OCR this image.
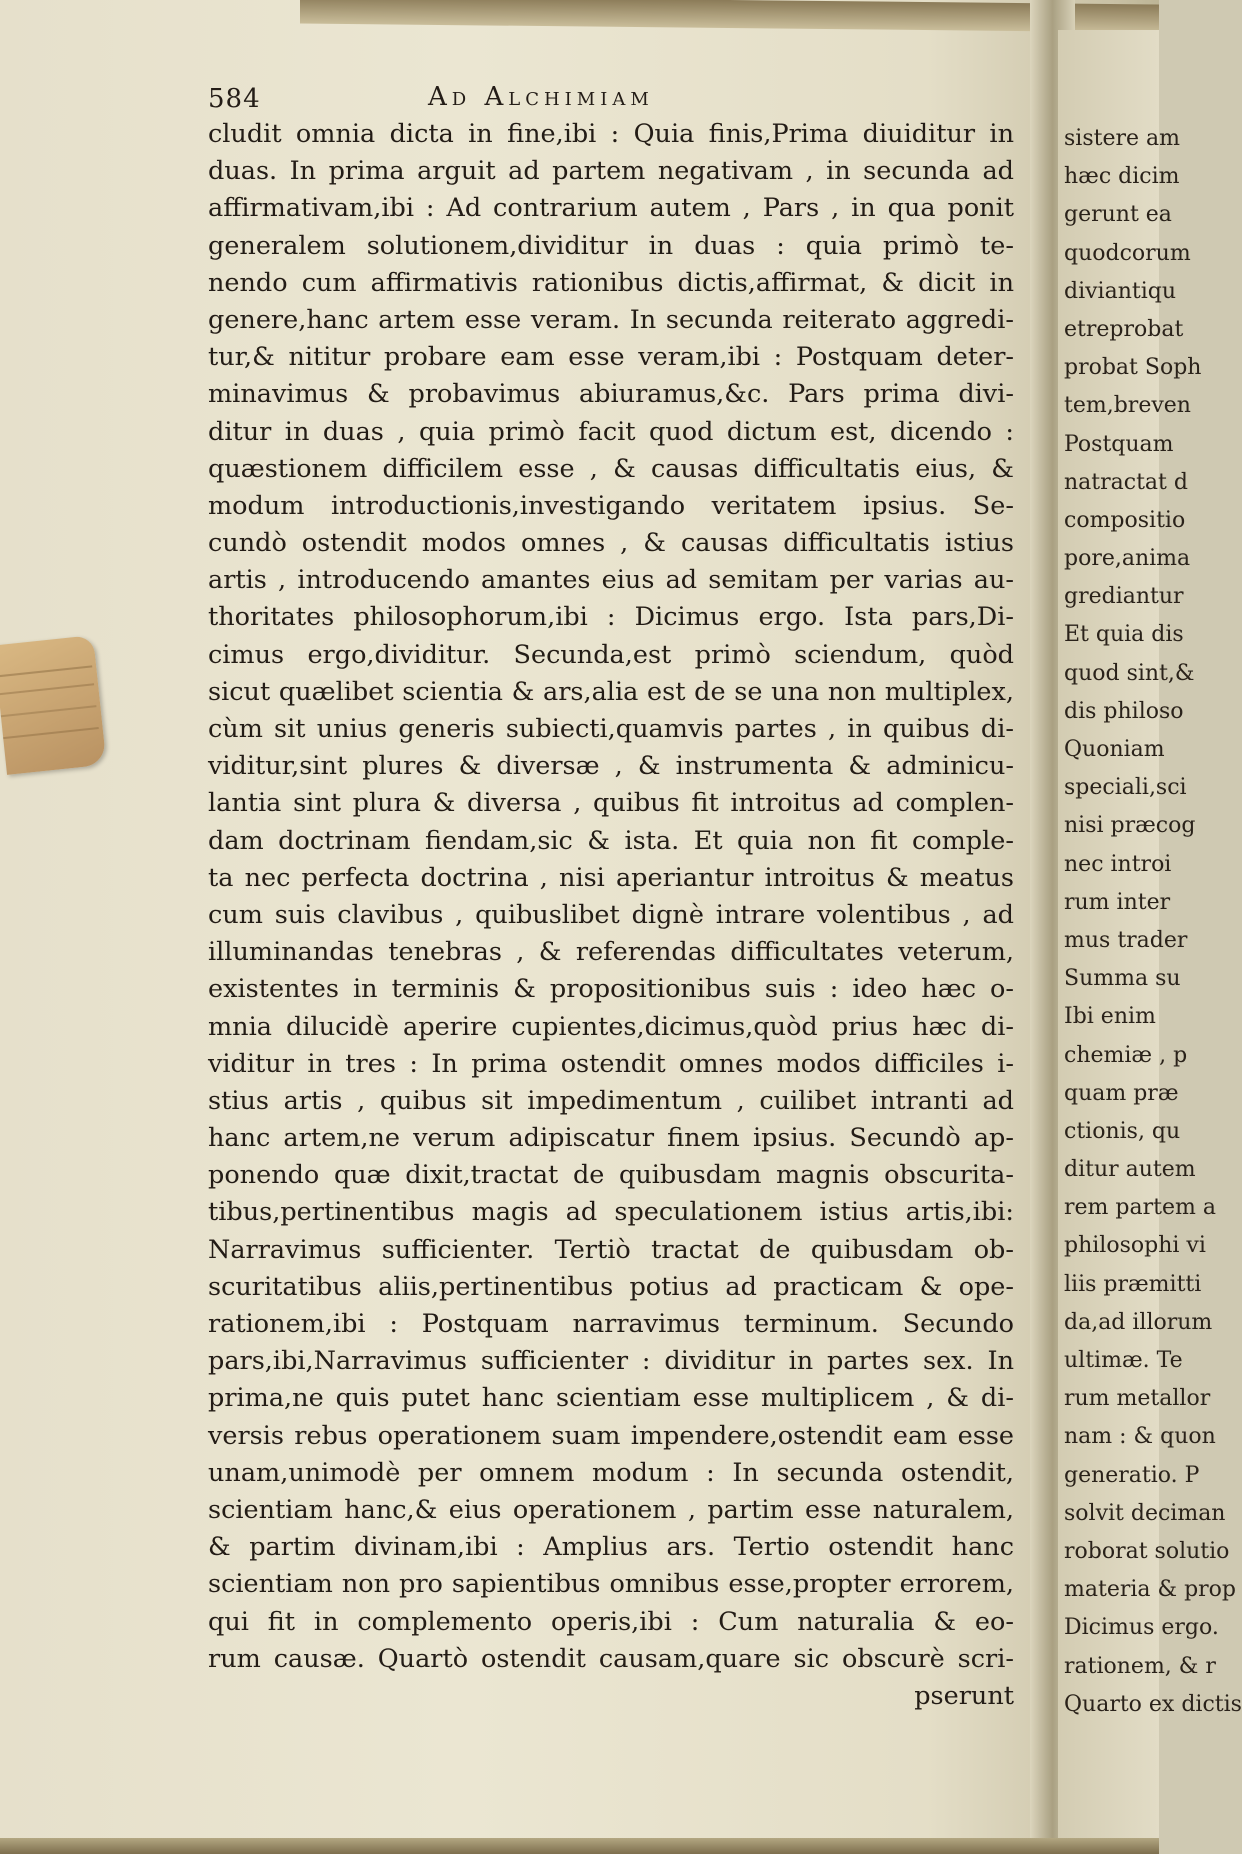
sistere am
hæc dicim
gerunt ea
quodcorum
diviantiqu
etreprobat
probat Soph
tem,breven
Postquam
natractat d
compositio
pore,anima
grediantur
Et quia dis
quod sint,&
dis philoso
Quoniam
speciali,sci
nisi præcog
nec introi
rum inter
mus trader
Summa su
Ibi enim
chemiæ , p
quam præ
ctionis, qu
ditur autem
rem partem a
philosophi vi
liis præmitti
da,ad illorum
ultimæ. Te
rum metallor
nam : & quon
generatio. P
solvit deciman
roborat solutio
materia & prop
Dicimus ergo.
rationem, & r
Quarto ex dictis
584	Ad Alchimiam
cludit omnia dicta in fine,ibi : Quia finis,Prima diuiditur in
duas. In prima arguit ad partem negativam , in secunda ad
affirmativam,ibi : Ad contrarium autem , Pars , in qua ponit
generalem solutionem,dividitur in duas : quia primò te-
nendo cum affirmativis rationibus dictis,affirmat, & dicit in
genere,hanc artem esse veram. In secunda reiterato aggredi-
tur,& nititur probare eam esse veram,ibi : Postquam deter-
minavimus & probavimus abiuramus,&c. Pars prima divi-
ditur in duas , quia primò facit quod dictum est, dicendo :
quæstionem difficilem esse , & causas difficultatis eius, &
modum introductionis,investigando veritatem ipsius. Se-
cundò ostendit modos omnes , & causas difficultatis istius
artis , introducendo amantes eius ad semitam per varias au-
thoritates philosophorum,ibi : Dicimus ergo. Ista pars,Di-
cimus ergo,dividitur. Secunda,est primò sciendum, quòd
sicut quælibet scientia & ars,alia est de se una non multiplex,
cùm sit unius generis subiecti,quamvis partes , in quibus di-
viditur,sint plures & diversæ , & instrumenta & adminicu-
lantia sint plura & diversa , quibus fit introitus ad complen-
dam doctrinam fiendam,sic & ista. Et quia non fit comple-
ta nec perfecta doctrina , nisi aperiantur introitus & meatus
cum suis clavibus , quibuslibet dignè intrare volentibus , ad
illuminandas tenebras , & referendas difficultates veterum,
existentes in terminis & propositionibus suis : ideo hæc o-
mnia dilucidè aperire cupientes,dicimus,quòd prius hæc di-
viditur in tres : In prima ostendit omnes modos difficiles i-
stius artis , quibus sit impedimentum , cuilibet intranti ad
hanc artem,ne verum adipiscatur finem ipsius. Secundò ap-
ponendo quæ dixit,tractat de quibusdam magnis obscurita-
tibus,pertinentibus magis ad speculationem istius artis,ibi:
Narravimus sufficienter. Tertiò tractat de quibusdam ob-
scuritatibus aliis,pertinentibus potius ad practicam & ope-
rationem,ibi : Postquam narravimus terminum. Secundo
pars,ibi,Narravimus sufficienter : dividitur in partes sex. In
prima,ne quis putet hanc scientiam esse multiplicem , & di-
versis rebus operationem suam impendere,ostendit eam esse
unam,unimodè per omnem modum : In secunda ostendit,
scientiam hanc,& eius operationem , partim esse naturalem,
& partim divinam,ibi : Amplius ars. Tertio ostendit hanc
scientiam non pro sapientibus omnibus esse,propter errorem,
qui fit in complemento operis,ibi : Cum naturalia & eo-
rum causæ. Quartò ostendit causam,quare sic obscurè scri-
pserunt
